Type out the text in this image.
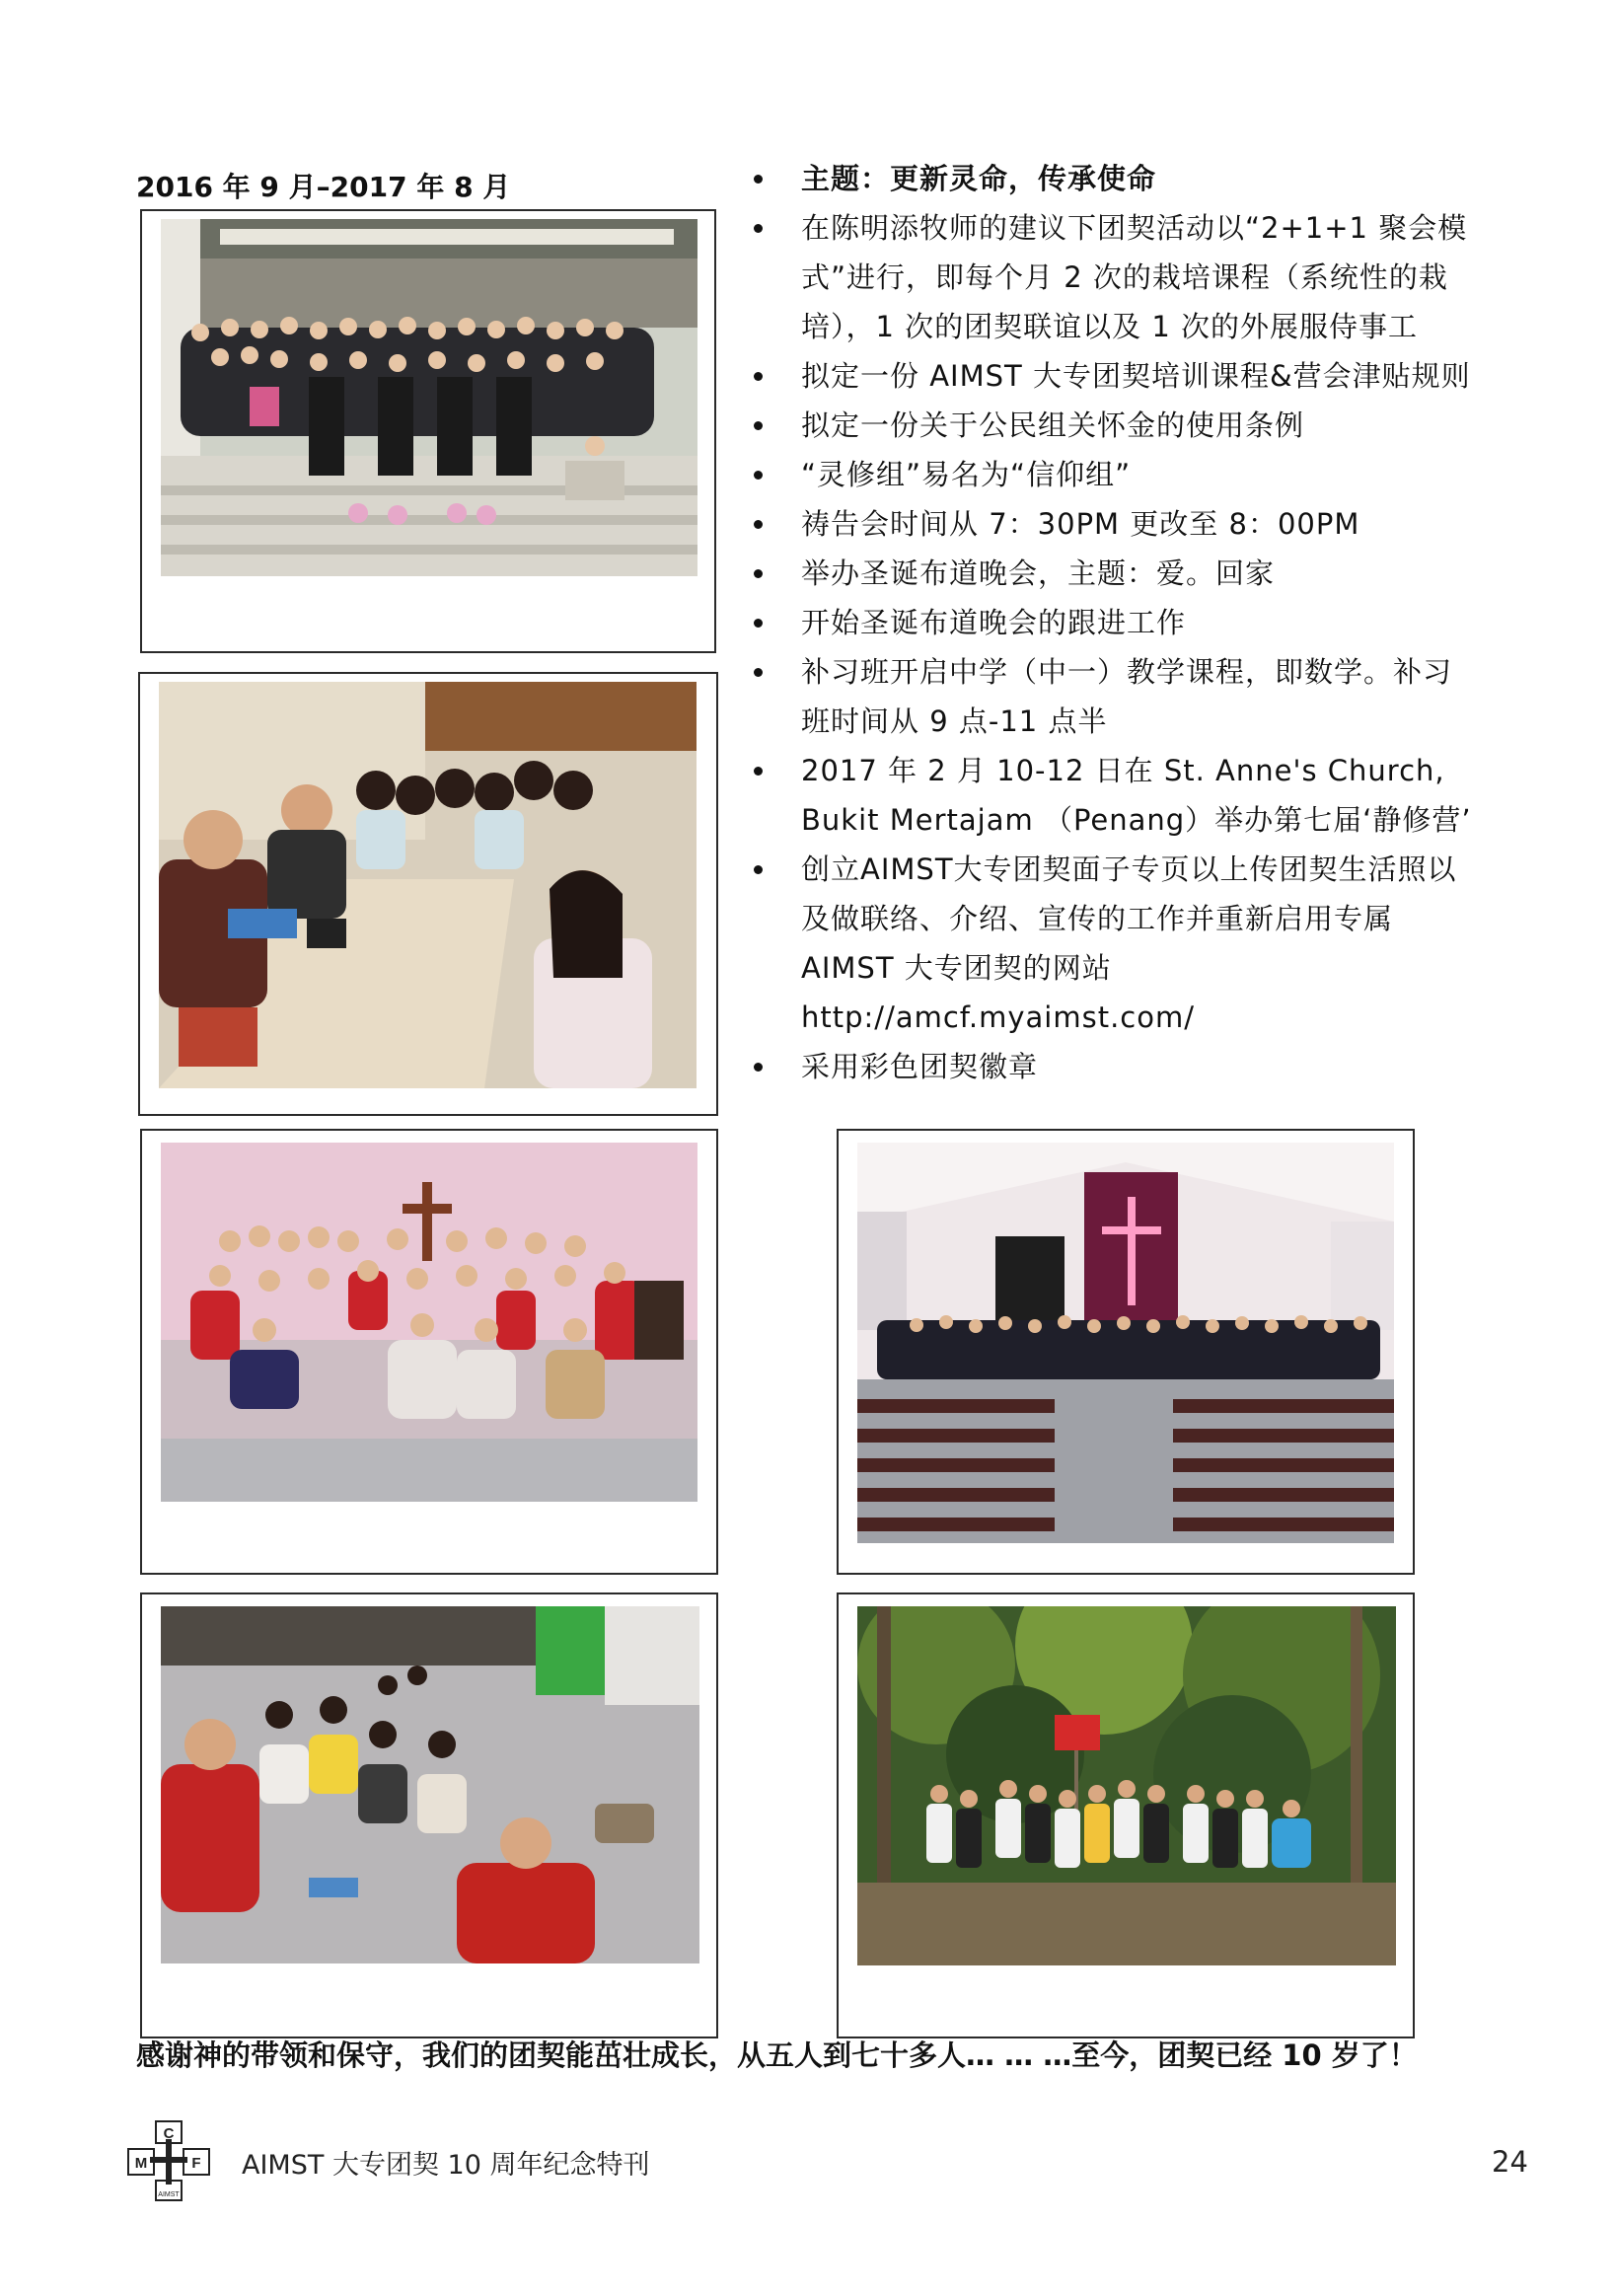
2016 年 9 月–2017 年 8 月	主题：更新灵命，传承使命
在陈明添牧师的建议下团契活动以“2+1+1 聚会模式”进行，即每个月 2 次的栽培课程（系统性的栽培），1 次的团契联谊以及 1 次的外展服侍事工
拟定一份 AIMST 大专团契培训课程&营会津贴规则
拟定一份关于公民组关怀金的使用条例
“灵修组”易名为“信仰组”
祷告会时间从 7：30PM 更改至 8：00PM
举办圣诞布道晚会，主题：爱。回家
开始圣诞布道晚会的跟进工作
补习班开启中学（中一）教学课程，即数学。补习班时间从 9 点-11 点半
2017 年 2 月 10-12 日在 St. Anne's Church, Bukit Mertajam （Penang）举办第七届‘静修营’
创立AIMST大专团契面子专页以上传团契生活照以及做联络、介绍、宣传的工作并重新启用专属 AIMST 大专团契的网站 http://amcf.myaimst.com/
采用彩色团契徽章
感谢神的带领和保守，我们的团契能茁壮成长，从五人到七十多人… … …至今，团契已经 10 岁了！
C
M	F
AIMST
AIMST 大专团契 10 周年纪念特刊	24
